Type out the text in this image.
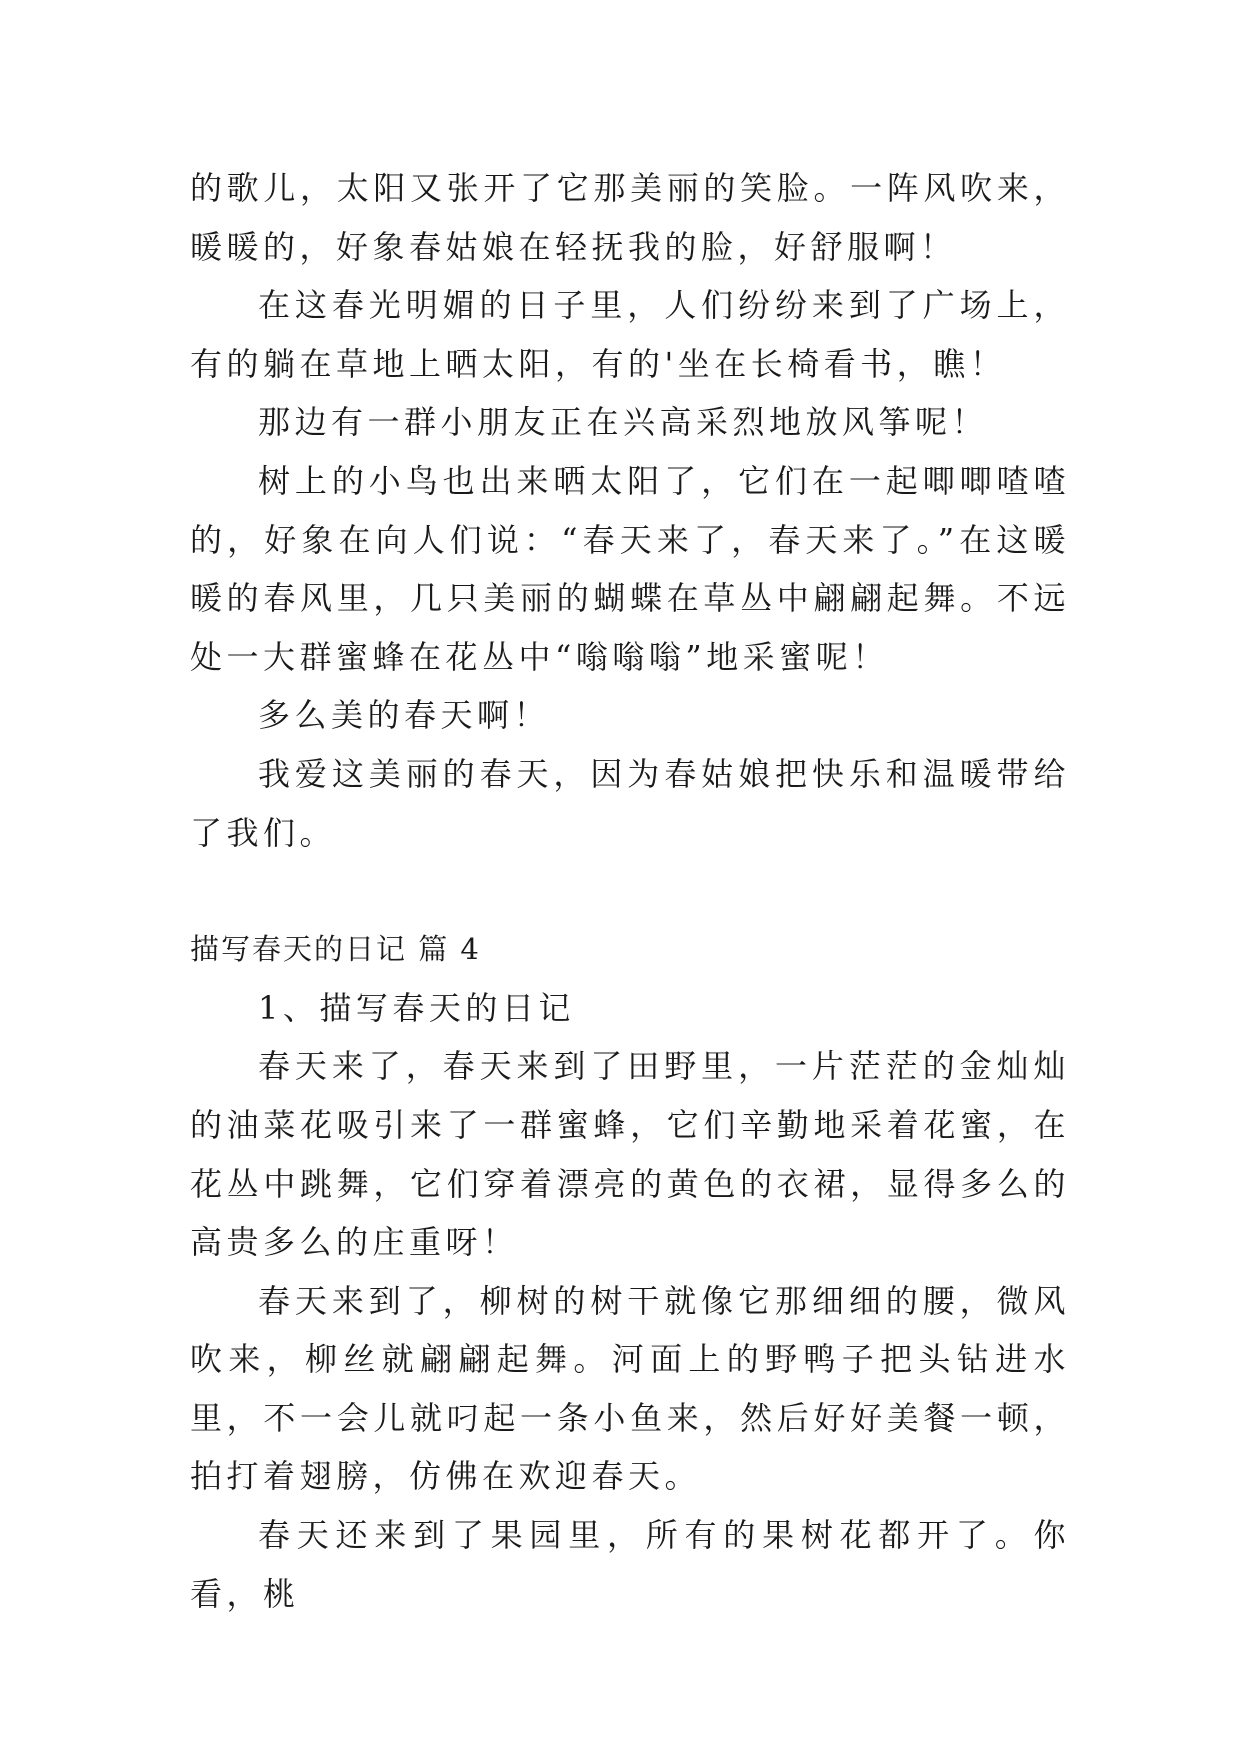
的歌儿，太阳又张开了它那美丽的笑脸。一阵风吹来，暖暖的，好象春姑娘在轻抚我的脸，好舒服啊！

在这春光明媚的日子里，人们纷纷来到了广场上，有的躺在草地上晒太阳，有的'坐在长椅看书，瞧！

那边有一群小朋友正在兴高采烈地放风筝呢！

树上的小鸟也出来晒太阳了，它们在一起唧唧喳喳的，好象在向人们说：“春天来了，春天来了。”在这暖暖的春风里，几只美丽的蝴蝶在草丛中翩翩起舞。不远处一大群蜜蜂在花丛中“嗡嗡嗡”地采蜜呢！

多么美的春天啊！

我爱这美丽的春天，因为春姑娘把快乐和温暖带给了我们。

描写春天的日记 篇 4

1、描写春天的日记

春天来了，春天来到了田野里，一片茫茫的金灿灿的油菜花吸引来了一群蜜蜂，它们辛勤地采着花蜜，在花丛中跳舞，它们穿着漂亮的黄色的衣裙，显得多么的高贵多么的庄重呀！

春天来到了，柳树的树干就像它那细细的腰，微风吹来，柳丝就翩翩起舞。河面上的野鸭子把头钻进水里，不一会儿就叼起一条小鱼来，然后好好美餐一顿，拍打着翅膀，仿佛在欢迎春天。

春天还来到了果园里，所有的果树花都开了。你看，桃
